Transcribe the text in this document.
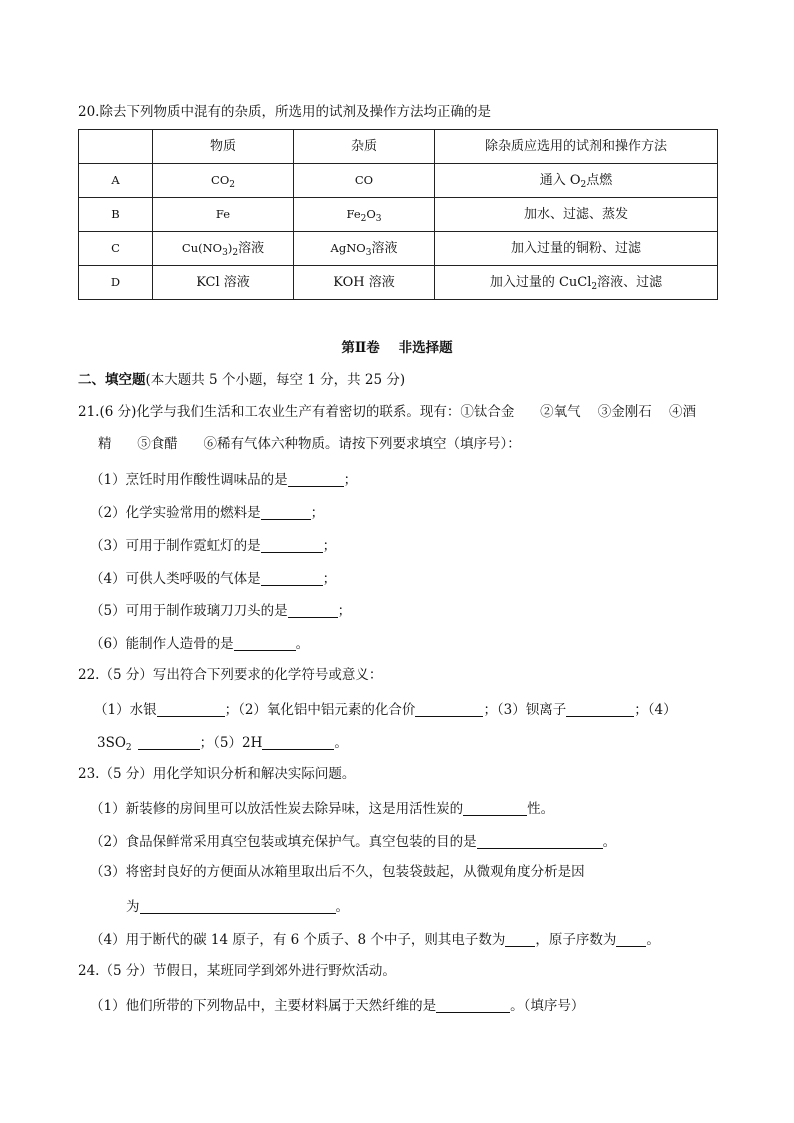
20.除去下列物质中混有的杂质，所选用的试剂及操作方法均正确的是
	物质	杂质	除杂质应选用的试剂和操作方法
A	$CO_2$	CO	通入 $O_2$点燃
B	Fe	$Fe_2O_3$	加水、过滤、蒸发
C	$Cu(NO_3)_2$溶液	AgNO$_3$溶液	加入过量的铜粉、过滤
D	KCl 溶液	KOH 溶液	加入过量的 CuCl$_2$溶液、过滤
第Ⅱ卷    非选择题
二、填空题(本大题共 5 个小题，每空 1 分，共 25 分)
21.(6 分)化学与我们生活和工农业生产有着密切的联系。现有：①钛合金      ②氧气    ③金刚石    ④酒
精      ⑤食醋      ⑥稀有气体六种物质。请按下列要求填空（填序号）：
（1）烹饪时用作酸性调味品的是	；
（2）化学实验常用的燃料是	；
（3）可用于制作霓虹灯的是	；
（4）可供人类呼吸的气体是	；
（5）可用于制作玻璃刀刀头的是	；
（6）能制作人造骨的是	。
22.（5 分）写出符合下列要求的化学符号或意义：
（1）水银	；（2）氧化铝中铝元素的化合价	；（3）钡离子	；（4）
$3SO_2$	；（5）2H	。
23.（5 分）用化学知识分析和解决实际问题。
（1）新装修的房间里可以放活性炭去除异味，这是用活性炭的	性。
（2）食品保鲜常采用真空包装或填充保护气。真空包装的目的是	。
（3）将密封良好的方便面从冰箱里取出后不久，包装袋鼓起，从微观角度分析是因
为	。
（4）用于断代的碳 14 原子，有 6 个质子、8 个中子，则其电子数为 ，原子序数为 。
24.（5 分）节假日，某班同学到郊外进行野炊活动。
（1）他们所带的下列物品中，主要材料属于天然纤维的是	。（填序号）
